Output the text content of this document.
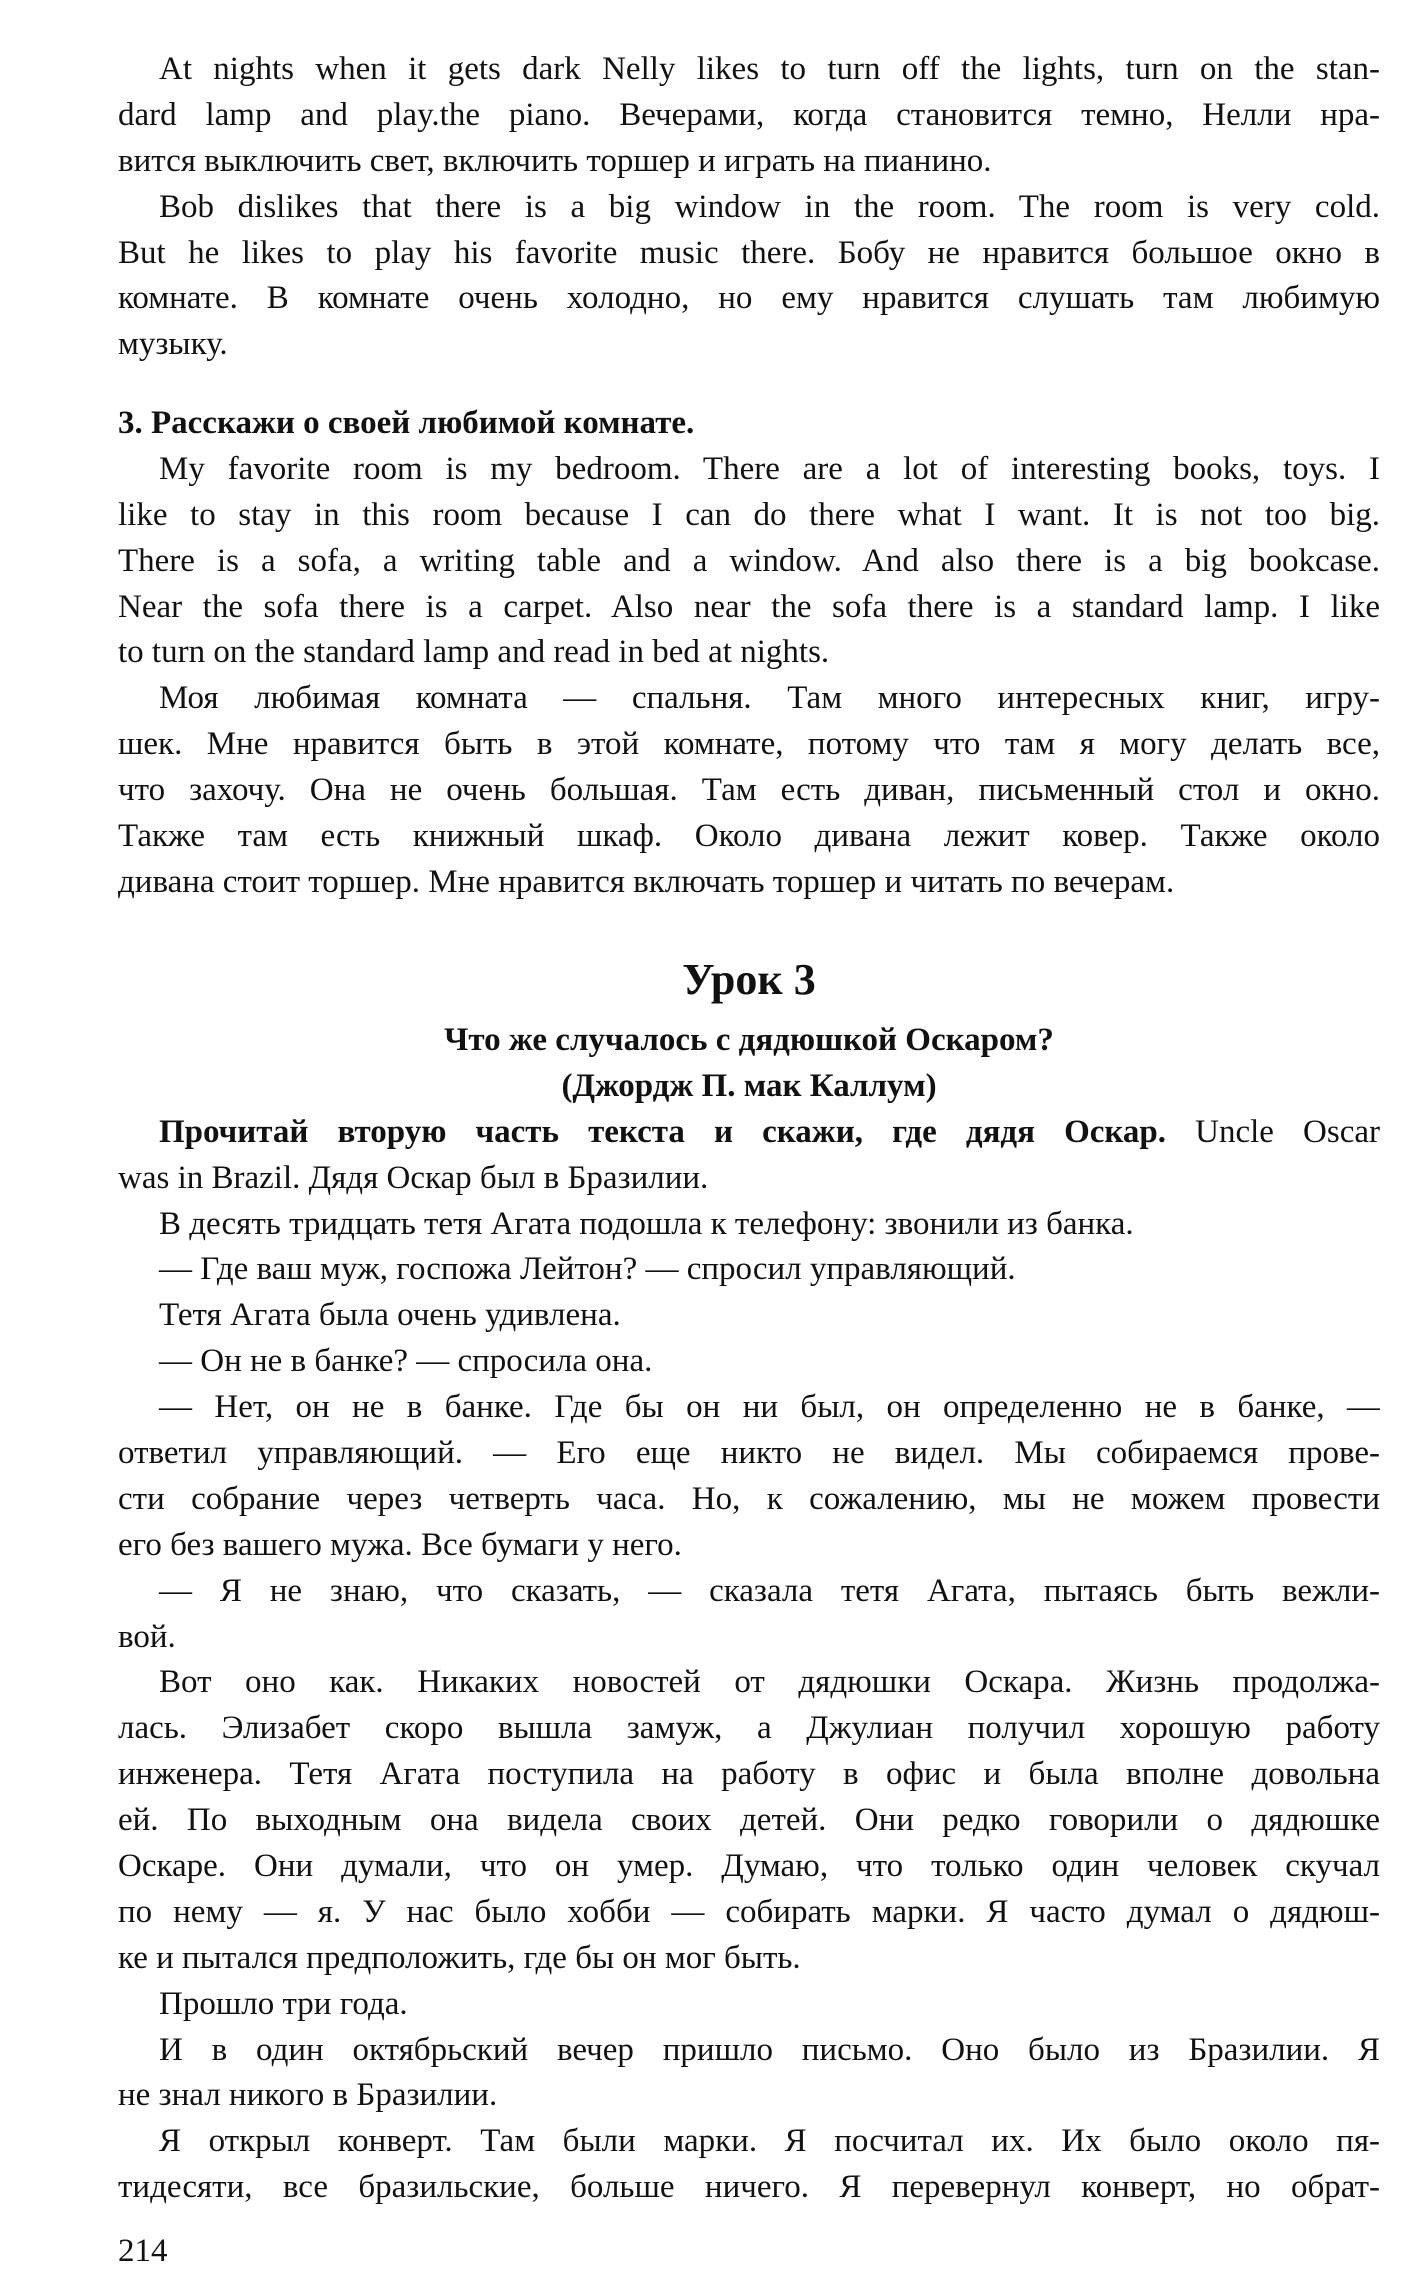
At nights when it gets dark Nelly likes to turn off the lights, turn on the stan-
dard lamp and play.the piano. Вечерами, когда становится темно, Нелли нра-
вится выключить свет, включить торшер и играть на пианино.
Bob dislikes that there is a big window in the room. The room is very cold.
But he likes to play his favorite music there. Бобу не нравится большое окно в
комнате. В комнате очень холодно, но ему нравится слушать там любимую
музыку.
3. Расскажи о своей любимой комнате.
My favorite room is my bedroom. There are a lot of interesting books, toys. I
like to stay in this room because I can do there what I want. It is not too big.
There is a sofa, a writing table and a window. And also there is a big bookcase.
Near the sofa there is a carpet. Also near the sofa there is a standard lamp. I like
to turn on the standard lamp and read in bed at nights.
Моя любимая комната — спальня. Там много интересных книг, игру-
шек. Мне нравится быть в этой комнате, потому что там я могу делать все,
что захочу. Она не очень большая. Там есть диван, письменный стол и окно.
Также там есть книжный шкаф. Около дивана лежит ковер. Также около
дивана стоит торшер. Мне нравится включать торшер и читать по вечерам.
Урок 3
Что же случалось с дядюшкой Оскаром?
(Джордж П. мак Каллум)
Прочитай вторую часть текста и скажи, где дядя Оскар. Uncle Oscar
was in Brazil. Дядя Оскар был в Бразилии.
В десять тридцать тетя Агата подошла к телефону: звонили из банка.
— Где ваш муж, госпожа Лейтон? — спросил управляющий.
Тетя Агата была очень удивлена.
— Он не в банке? — спросила она.
— Нет, он не в банке. Где бы он ни был, он определенно не в банке, —
ответил управляющий. — Его еще никто не видел. Мы собираемся прове-
сти собрание через четверть часа. Но, к сожалению, мы не можем провести
его без вашего мужа. Все бумаги у него.
— Я не знаю, что сказать, — сказала тетя Агата, пытаясь быть вежли-
вой.
Вот оно как. Никаких новостей от дядюшки Оскара. Жизнь продолжа-
лась. Элизабет скоро вышла замуж, а Джулиан получил хорошую работу
инженера. Тетя Агата поступила на работу в офис и была вполне довольна
ей. По выходным она видела своих детей. Они редко говорили о дядюшке
Оскаре. Они думали, что он умер. Думаю, что только один человек скучал
по нему — я. У нас было хобби — собирать марки. Я часто думал о дядюш-
ке и пытался предположить, где бы он мог быть.
Прошло три года.
И в один октябрьский вечер пришло письмо. Оно было из Бразилии. Я
не знал никого в Бразилии.
Я открыл конверт. Там были марки. Я посчитал их. Их было около пя-
тидесяти, все бразильские, больше ничего. Я перевернул конверт, но обрат-
214
